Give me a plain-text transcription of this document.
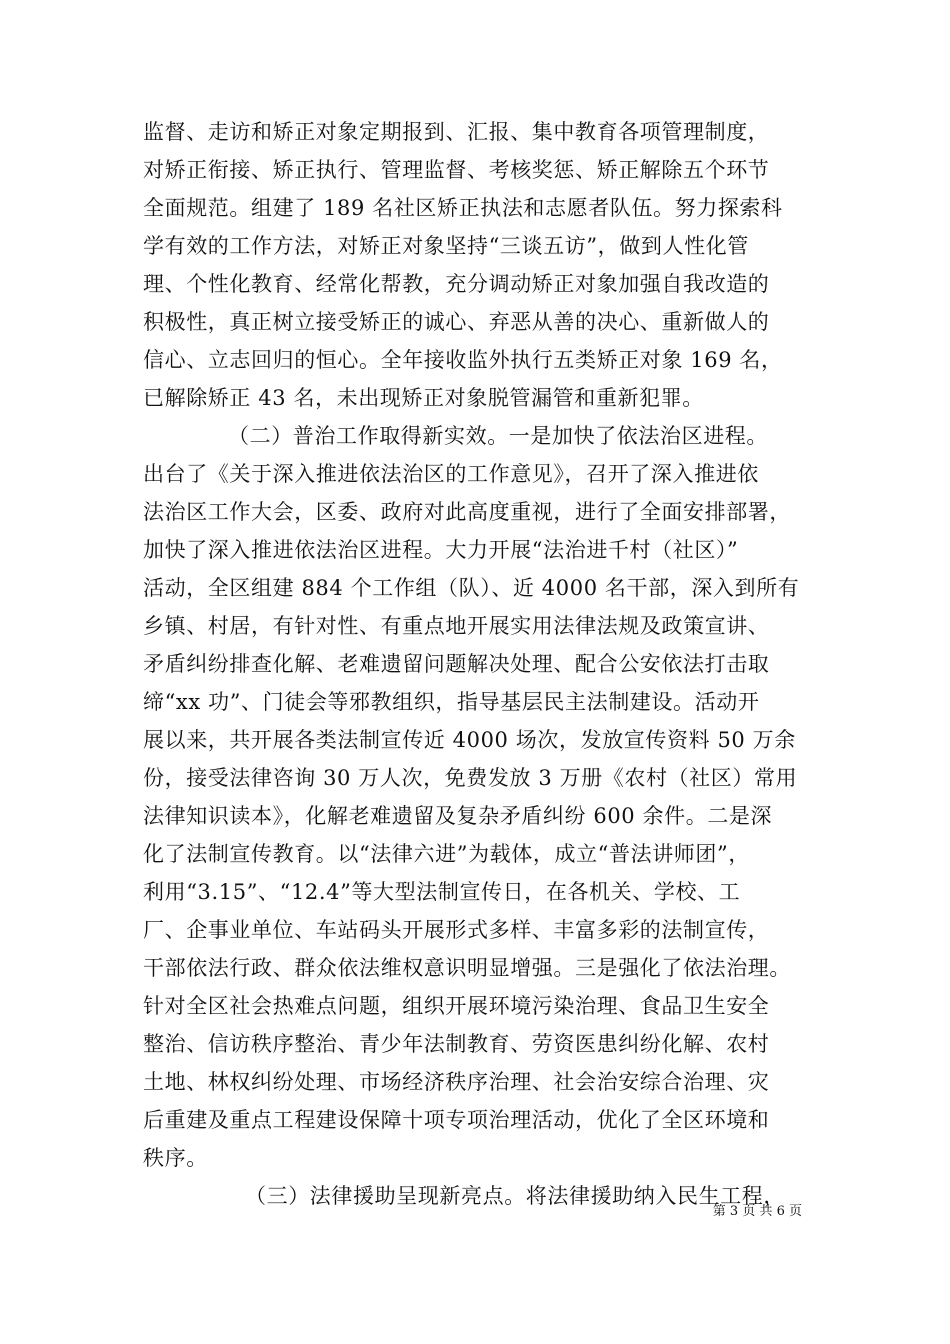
监督、走访和矫正对象定期报到、汇报、集中教育各项管理制度，
对矫正衔接、矫正执行、管理监督、考核奖惩、矫正解除五个环节
全面规范。组建了 189 名社区矫正执法和志愿者队伍。努力探索科
学有效的工作方法，对矫正对象坚持“三谈五访”，做到人性化管
理、个性化教育、经常化帮教，充分调动矫正对象加强自我改造的
积极性，真正树立接受矫正的诚心、弃恶从善的决心、重新做人的
信心、立志回归的恒心。全年接收监外执行五类矫正对象 169 名，
已解除矫正 43 名，未出现矫正对象脱管漏管和重新犯罪。
（二）普治工作取得新实效。一是加快了依法治区进程。
出台了《关于深入推进依法治区的工作意见》，召开了深入推进依
法治区工作大会，区委、政府对此高度重视，进行了全面安排部署，
加快了深入推进依法治区进程。大力开展“法治进千村（社区）”
活动，全区组建 884 个工作组（队）、近 4000 名干部，深入到所有
乡镇、村居，有针对性、有重点地开展实用法律法规及政策宣讲、
矛盾纠纷排查化解、老难遗留问题解决处理、配合公安依法打击取
缔“xx 功”、门徒会等邪教组织，指导基层民主法制建设。活动开
展以来，共开展各类法制宣传近 4000 场次，发放宣传资料 50 万余
份，接受法律咨询 30 万人次，免费发放 3 万册《农村（社区）常用
法律知识读本》，化解老难遗留及复杂矛盾纠纷 600 余件。二是深
化了法制宣传教育。以“法律六进”为载体，成立“普法讲师团”，
利用“3.15”、“12.4”等大型法制宣传日，在各机关、学校、工
厂、企事业单位、车站码头开展形式多样、丰富多彩的法制宣传，
干部依法行政、群众依法维权意识明显增强。三是强化了依法治理。
针对全区社会热难点问题，组织开展环境污染治理、食品卫生安全
整治、信访秩序整治、青少年法制教育、劳资医患纠纷化解、农村
土地、林权纠纷处理、市场经济秩序治理、社会治安综合治理、灾
后重建及重点工程建设保障十项专项治理活动，优化了全区环境和
秩序。
（三）法律援助呈现新亮点。将法律援助纳入民生工程，
第 3 页 共 6 页
